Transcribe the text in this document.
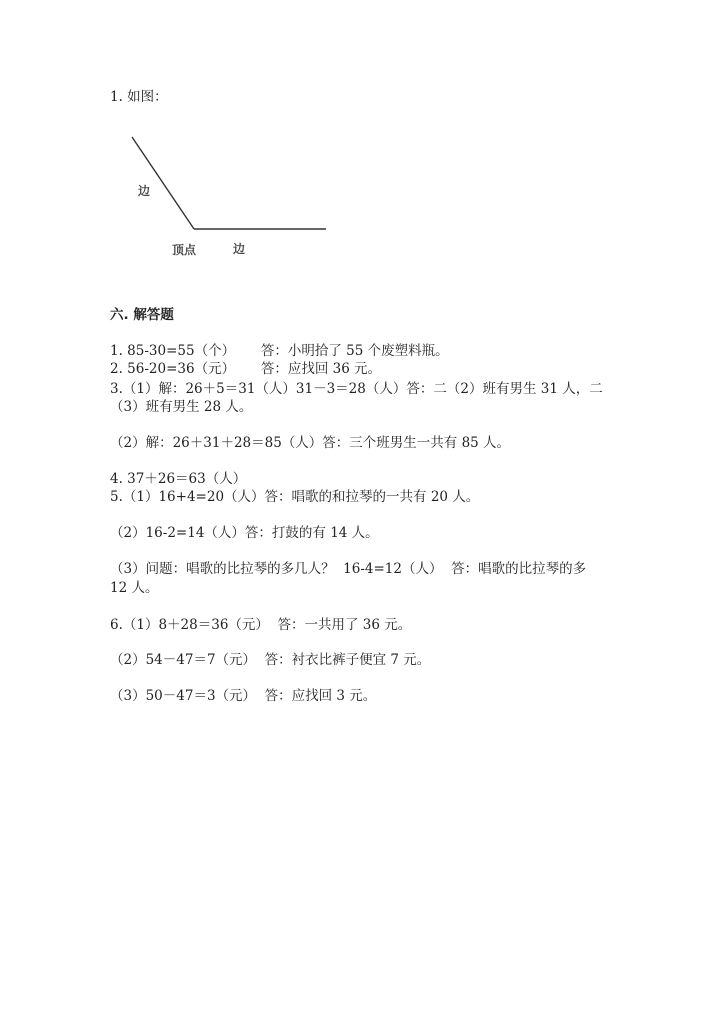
1. 如图：
边
顶点	边
六. 解答题
1. 85-30=55（个）      答：小明拾了 55 个废塑料瓶。
2. 56-20=36（元）      答：应找回 36 元。
3.（1）解：26＋5＝31（人）31－3＝28（人）答：二（2）班有男生 31 人，二
（3）班有男生 28 人。
（2）解：26＋31＋28＝85（人）答：三个班男生一共有 85 人。
4. 37＋26＝63（人）
5.（1）16+4=20（人）答：唱歌的和拉琴的一共有 20 人。
（2）16-2=14（人）答：打鼓的有 14 人。
（3）问题：唱歌的比拉琴的多几人？  16-4=12（人）  答：唱歌的比拉琴的多
12 人。
6.（1）8＋28＝36（元）  答：一共用了 36 元。
（2）54－47＝7（元）  答：衬衣比裤子便宜 7 元。
（3）50－47＝3（元）  答：应找回 3 元。
